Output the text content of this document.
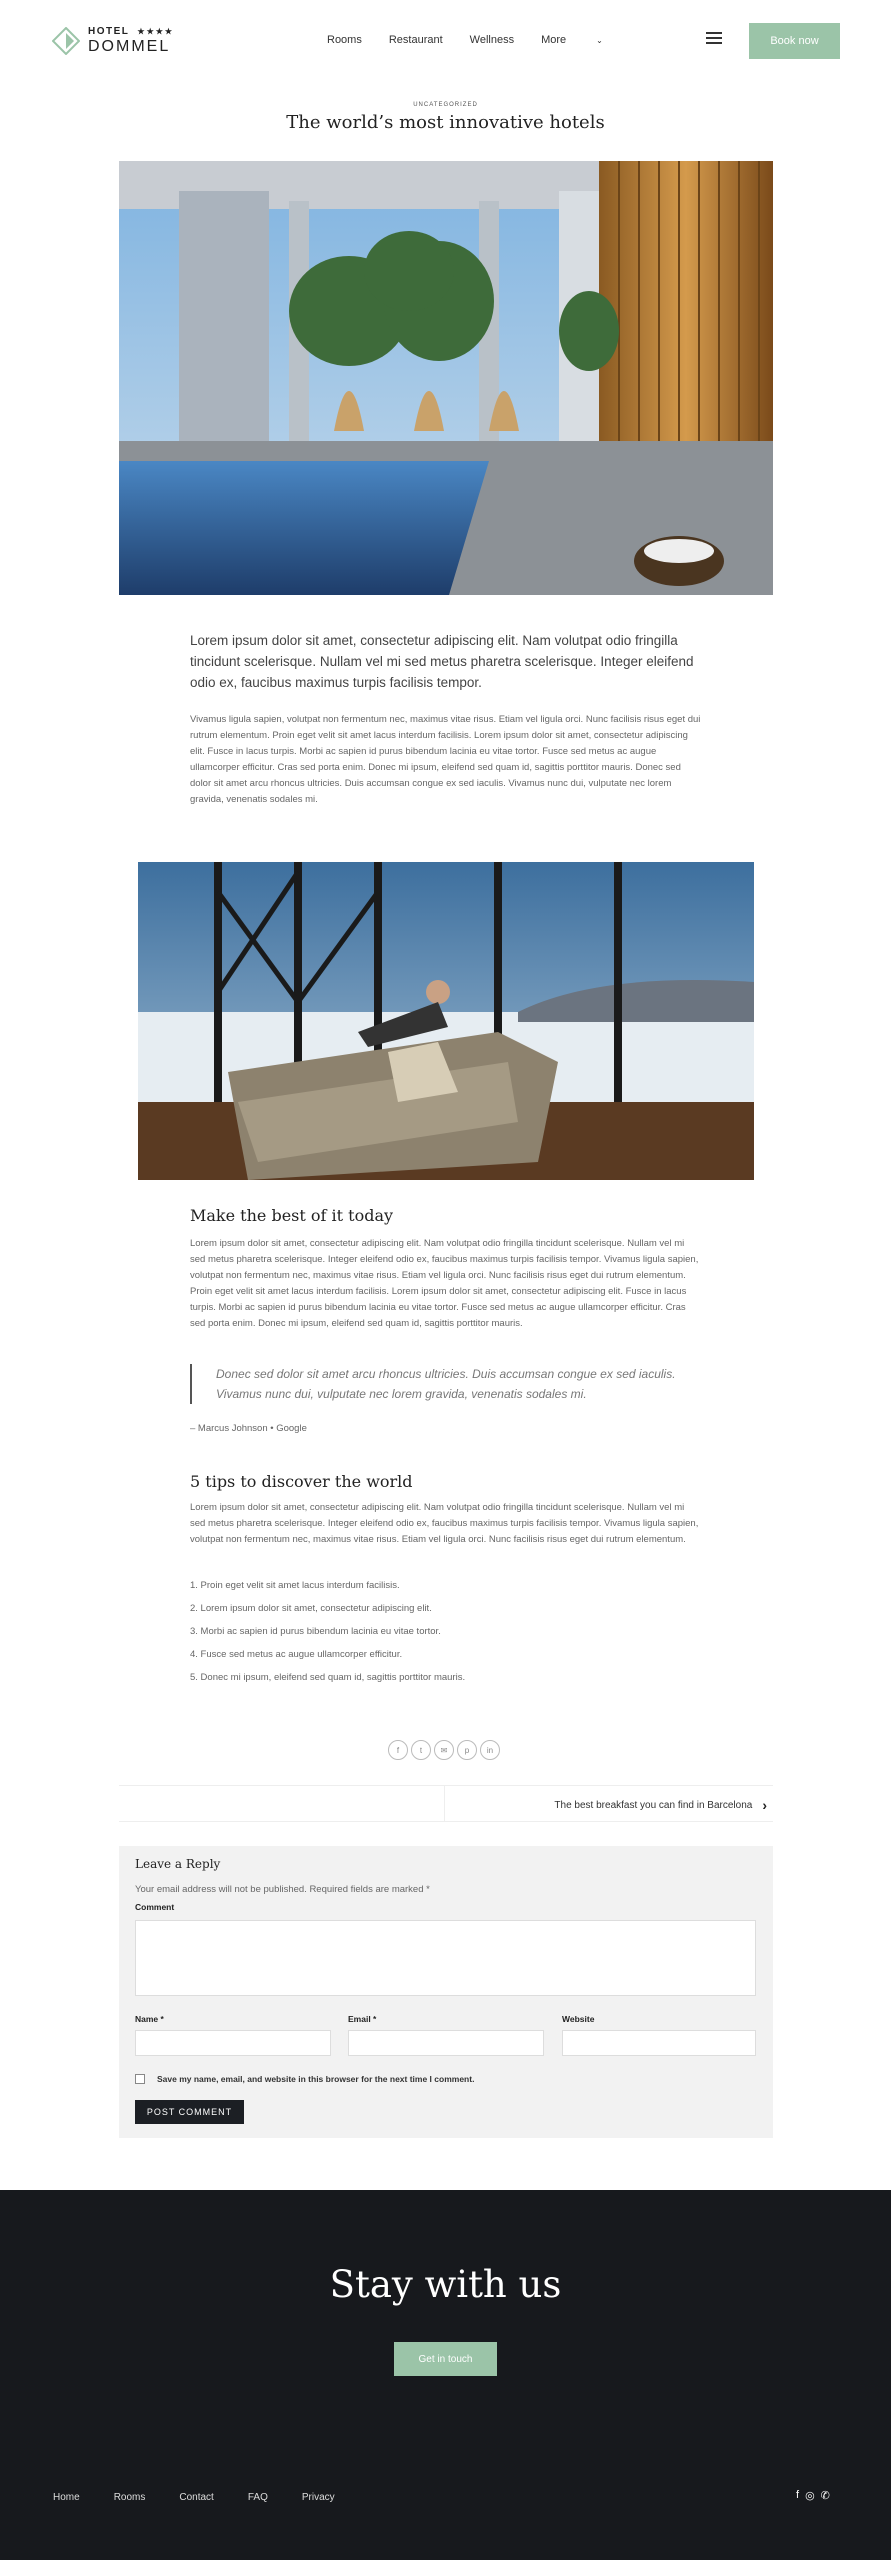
HOTEL ★★★★
DOMMEL	Rooms Restaurant Wellness More	⌄	Book now
UNCATEGORIZED
The world’s most innovative hotels

Lorem ipsum dolor sit amet, consectetur adipiscing elit. Nam volutpat odio fringilla tincidunt scelerisque. Nullam vel mi sed metus pharetra scelerisque. Integer eleifend odio ex, faucibus maximus turpis facilisis tempor.

Vivamus ligula sapien, volutpat non fermentum nec, maximus vitae risus. Etiam vel ligula orci. Nunc facilisis risus eget dui rutrum elementum. Proin eget velit sit amet lacus interdum facilisis. Lorem ipsum dolor sit amet, consectetur adipiscing elit. Fusce in lacus turpis. Morbi ac sapien id purus bibendum lacinia eu vitae tortor. Fusce sed metus ac augue ullamcorper efficitur. Cras sed porta enim. Donec mi ipsum, eleifend sed quam id, sagittis porttitor mauris. Donec sed dolor sit amet arcu rhoncus ultricies. Duis accumsan congue ex sed iaculis. Vivamus nunc dui, vulputate nec lorem gravida, venenatis sodales mi.

Make the best of it today

Lorem ipsum dolor sit amet, consectetur adipiscing elit. Nam volutpat odio fringilla tincidunt scelerisque. Nullam vel mi sed metus pharetra scelerisque. Integer eleifend odio ex, faucibus maximus turpis facilisis tempor. Vivamus ligula sapien, volutpat non fermentum nec, maximus vitae risus. Etiam vel ligula orci. Nunc facilisis risus eget dui rutrum elementum. Proin eget velit sit amet lacus interdum facilisis. Lorem ipsum dolor sit amet, consectetur adipiscing elit. Fusce in lacus turpis. Morbi ac sapien id purus bibendum lacinia eu vitae tortor. Fusce sed metus ac augue ullamcorper efficitur. Cras sed porta enim. Donec mi ipsum, eleifend sed quam id, sagittis porttitor mauris.

Donec sed dolor sit amet arcu rhoncus ultricies. Duis accumsan congue ex sed iaculis. Vivamus nunc dui, vulputate nec lorem gravida, venenatis sodales mi.

– Marcus Johnson • Google

5 tips to discover the world

Lorem ipsum dolor sit amet, consectetur adipiscing elit. Nam volutpat odio fringilla tincidunt scelerisque. Nullam vel mi sed metus pharetra scelerisque. Integer eleifend odio ex, faucibus maximus turpis facilisis tempor. Vivamus ligula sapien, volutpat non fermentum nec, maximus vitae risus. Etiam vel ligula orci. Nunc facilisis risus eget dui rutrum elementum.

1. Proin eget velit sit amet lacus interdum facilisis.
2. Lorem ipsum dolor sit amet, consectetur adipiscing elit.
3. Morbi ac sapien id purus bibendum lacinia eu vitae tortor.
4. Fusce sed metus ac augue ullamcorper efficitur.
5. Donec mi ipsum, eleifend sed quam id, sagittis porttitor mauris.
f	t	✉	p	in
The best breakfast you can find in Barcelona ›
Leave a Reply
Your email address will not be published. Required fields are marked *
Comment
Name *	Email *	Website
Save my name, email, and website in this browser for the next time I comment.
POST COMMENT
Stay with us
Get in touch
Home	Rooms	Contact	FAQ	Privacy	f ◎ ✆
